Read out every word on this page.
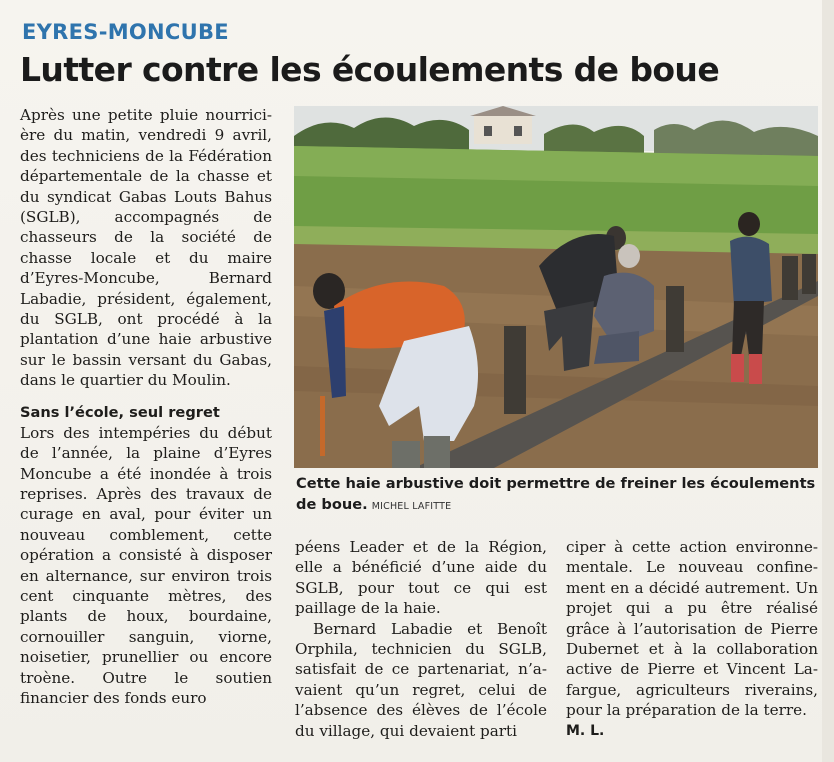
EYRES-MONCUBE
Lutter contre les écoulements de boue

Après une petite pluie nourricière du matin, vendredi 9 avril, des techniciens de la Fédération départementale de la chasse et du syndicat Gabas Louts Bahus (SGLB), accompagnés de chasseurs de la société de chasse locale et du maire d’Eyres-Moncube, Bernard Labadie, président, également, du SGLB, ont procédé à la plantation d’une haie arbustive sur le bassin versant du Gabas, dans le quartier du Moulin.

Sans l’école, seul regret

Lors des intempéries du début de l’année, la plaine d’Eyres Moncube a été inondée à trois reprises. Après des travaux de curage en aval, pour éviter un nouveau comblement, cette opération a consisté à disposer en alternance, sur environ trois cent cinquante mètres, des plants de houx, bourdaine, cornouiller sanguin, viorne, noisetier, prunellier ou encore troène. Outre le soutien financier des fonds euro

Cette haie arbustive doit permettre de freiner les écoulements de boue. MICHEL LAFITTE

péens Leader et de la Région, elle a bénéficié d’une aide du SGLB, pour tout ce qui est paillage de la haie.

Bernard Labadie et Benoît Orphila, technicien du SGLB, satisfait de ce partenariat, n’avaient qu’un regret, celui de l’absence des élèves de l’école du village, qui devaient parti

ciper à cette action environnementale. Le nouveau confinement en a décidé autrement. Un projet qui a pu être réalisé grâce à l’autorisation de Pierre Dubernet et à la collaboration active de Pierre et Vincent Lafargue, agriculteurs riverains, pour la préparation de la terre.

M. L.
